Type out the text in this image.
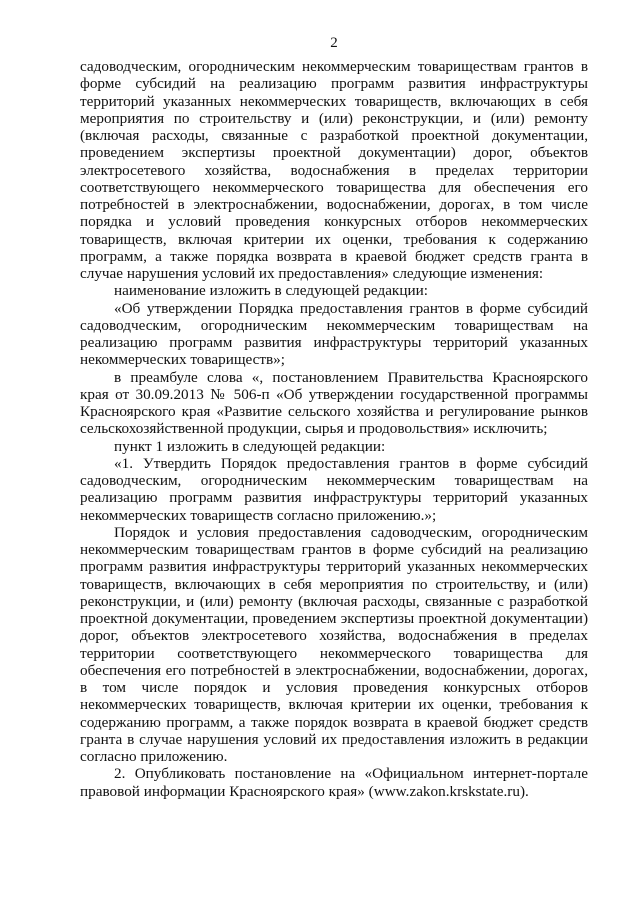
2

садоводческим, огородническим некоммерческим товариществам грантов в форме субсидий на реализацию программ развития инфраструктуры территорий указанных некоммерческих товариществ, включающих в себя мероприятия по строительству и (или) реконструкции, и (или) ремонту (включая расходы, связанные с разработкой проектной документации, проведением экспертизы проектной документации) дорог, объектов электросетевого хозяйства, водоснабжения в пределах территории соответствующего некоммерческого товарищества для обеспечения его потребностей в электроснабжении, водоснабжении, дорогах, в том числе порядка и условий проведения конкурсных отборов некоммерческих товариществ, включая критерии их оценки, требования к содержанию программ, а также порядка возврата в краевой бюджет средств гранта в случае нарушения условий их предоставления» следующие изменения:

наименование изложить в следующей редакции:

«Об утверждении Порядка предоставления грантов в форме субсидий садоводческим, огородническим некоммерческим товариществам на реализацию программ развития инфраструктуры территорий указанных некоммерческих товариществ»;

в преамбуле слова «, постановлением Правительства Красноярского края от 30.09.2013 № 506-п «Об утверждении государственной программы Красноярского края «Развитие сельского хозяйства и регулирование рынков сельскохозяйственной продукции, сырья и продовольствия» исключить;

пункт 1 изложить в следующей редакции:

«1. Утвердить Порядок предоставления грантов в форме субсидий садоводческим, огородническим некоммерческим товариществам на реализацию программ развития инфраструктуры территорий указанных некоммерческих товариществ согласно приложению.»;

Порядок и условия предоставления садоводческим, огородническим некоммерческим товариществам грантов в форме субсидий на реализацию программ развития инфраструктуры территорий указанных некоммерческих товариществ, включающих в себя мероприятия по строительству, и (или) реконструкции, и (или) ремонту (включая расходы, связанные с разработкой проектной документации, проведением экспертизы проектной документации) дорог, объектов электросетевого хозяйства, водоснабжения в пределах территории соответствующего некоммерческого товарищества для обеспечения его потребностей в электроснабжении, водоснабжении, дорогах, в том числе порядок и условия проведения конкурсных отборов некоммерческих товариществ, включая критерии их оценки, требования к содержанию программ, а также порядок возврата в краевой бюджет средств гранта в случае нарушения условий их предоставления изложить в редакции согласно приложению.

2. Опубликовать постановление на «Официальном интернет-портале правовой информации Красноярского края» (www.zakon.krskstate.ru).
